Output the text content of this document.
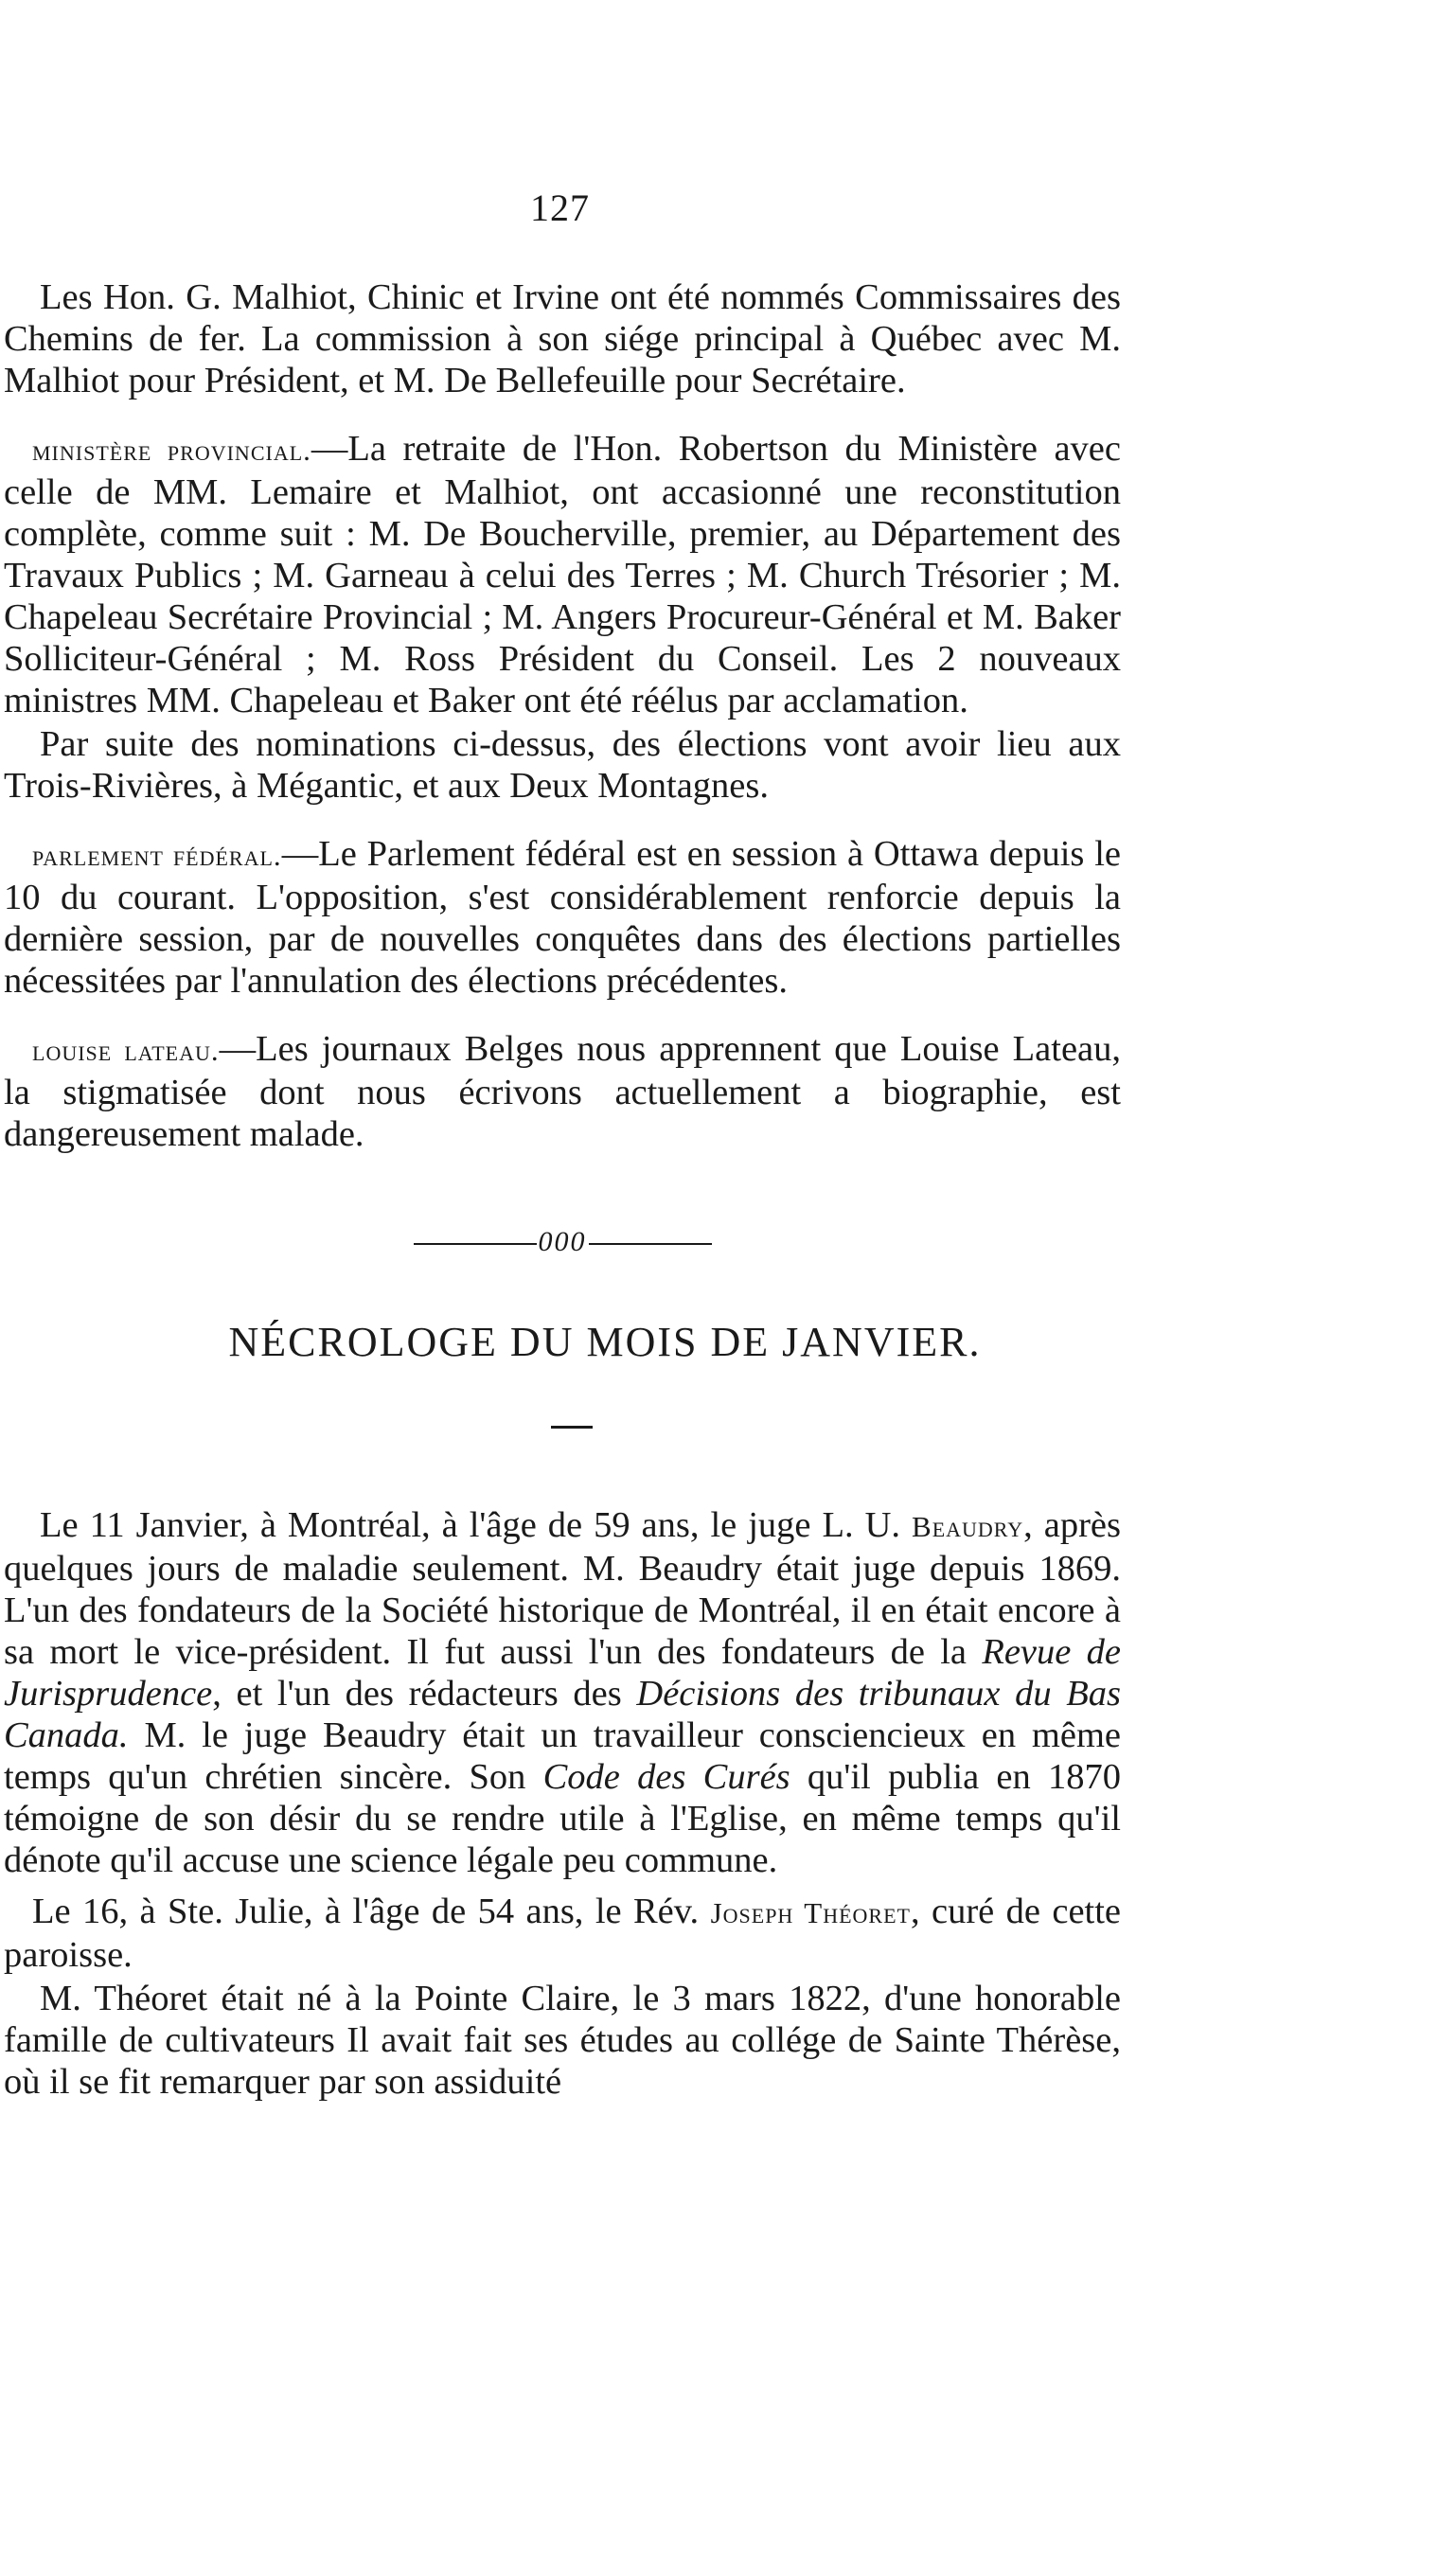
127

Les Hon. G. Malhiot, Chinic et Irvine ont été nommés Commissaires des Chemins de fer. La commission à son siége principal à Québec avec M. Malhiot pour Président, et M. De Bellefeuille pour Secrétaire.

ministère provincial.—La retraite de l'Hon. Robertson du Ministère avec celle de MM. Lemaire et Malhiot, ont accasionné une reconstitution complète, comme suit : M. De Boucherville, premier, au Département des Travaux Publics ; M. Garneau à celui des Terres ; M. Church Trésorier ; M. Chapeleau Secrétaire Provincial ; M. Angers Procureur-Général et M. Baker Solliciteur-Général ; M. Ross Président du Conseil. Les 2 nouveaux ministres MM. Chapeleau et Baker ont été réélus par acclamation.

Par suite des nominations ci-dessus, des élections vont avoir lieu aux Trois-Rivières, à Mégantic, et aux Deux Montagnes.

parlement fédéral.—Le Parlement fédéral est en session à Ottawa depuis le 10 du courant. L'opposition, s'est considérablement renforcie depuis la dernière session, par de nouvelles conquêtes dans des élections partielles nécessitées par l'annulation des élections précédentes.

louise lateau.—Les journaux Belges nous apprennent que Louise Lateau, la stigmatisée dont nous écrivons actuellement a biographie, est dangereusement malade.

000
NÉCROLOGE DU MOIS DE JANVIER.

Le 11 Janvier, à Montréal, à l'âge de 59 ans, le juge L. U. Beaudry, après quelques jours de maladie seulement. M. Beaudry était juge depuis 1869. L'un des fondateurs de la Société historique de Montréal, il en était encore à sa mort le vice-président. Il fut aussi l'un des fondateurs de la Revue de Jurisprudence, et l'un des rédacteurs des Décisions des tribunaux du Bas Canada. M. le juge Beaudry était un travailleur consciencieux en même temps qu'un chrétien sincère. Son Code des Curés qu'il publia en 1870 témoigne de son désir du se rendre utile à l'Eglise, en même temps qu'il dénote qu'il accuse une science légale peu commune.

Le 16, à Ste. Julie, à l'âge de 54 ans, le Rév. Joseph Théoret, curé de cette paroisse.

M. Théoret était né à la Pointe Claire, le 3 mars 1822, d'une honorable famille de cultivateurs Il avait fait ses études au collége de Sainte Thérèse, où il se fit remarquer par son assiduité
